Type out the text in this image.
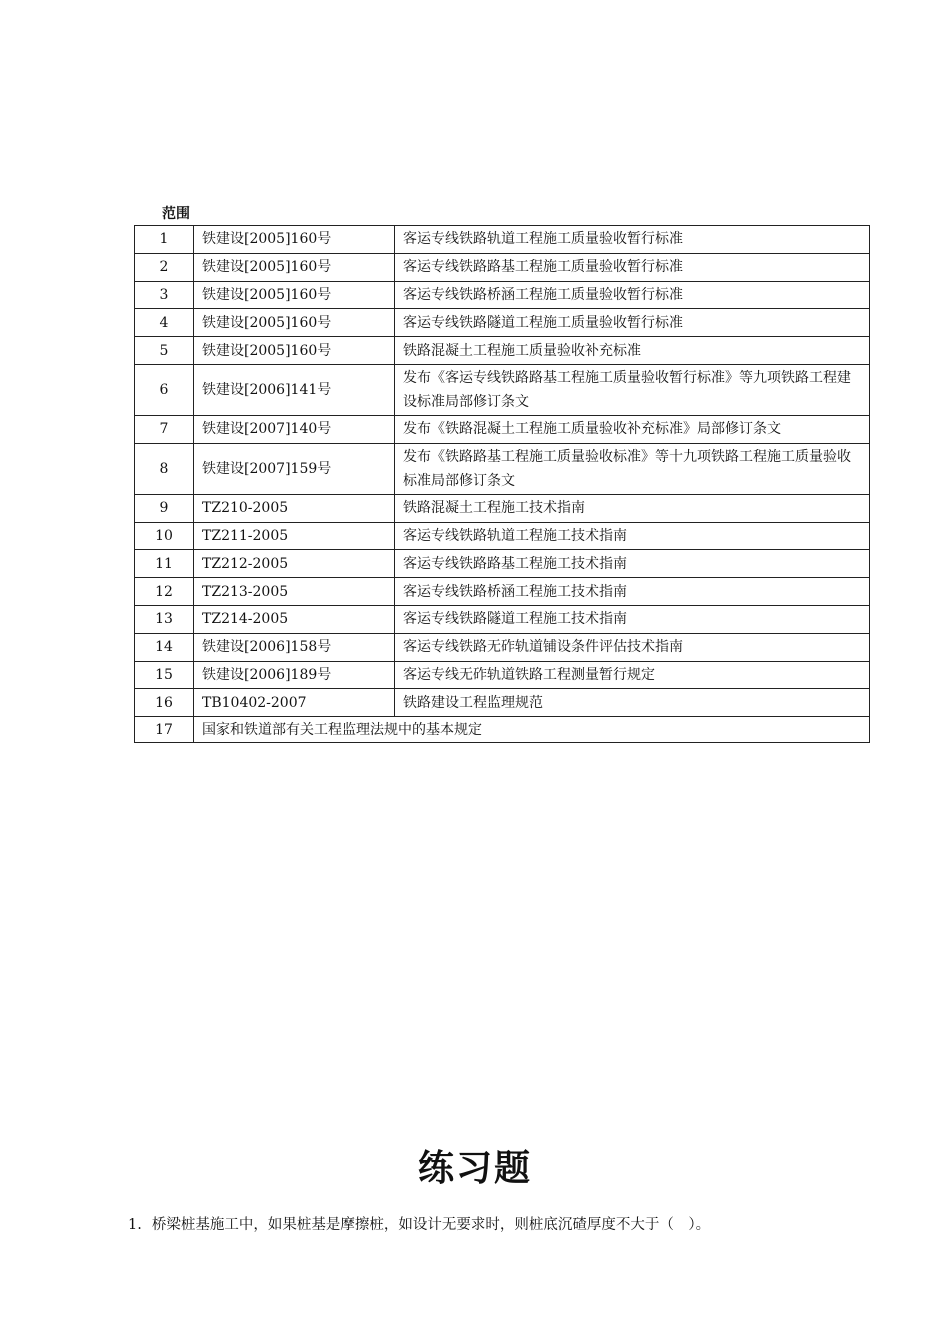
范围
1	铁建设[2005]160号	客运专线铁路轨道工程施工质量验收暂行标准
2	铁建设[2005]160号	客运专线铁路路基工程施工质量验收暂行标准
3	铁建设[2005]160号	客运专线铁路桥涵工程施工质量验收暂行标准
4	铁建设[2005]160号	客运专线铁路隧道工程施工质量验收暂行标准
5	铁建设[2005]160号	铁路混凝土工程施工质量验收补充标准
6	铁建设[2006]141号	发布《客运专线铁路路基工程施工质量验收暂行标准》等九项铁路工程建设标准局部修订条文
7	铁建设[2007]140号	发布《铁路混凝土工程施工质量验收补充标准》局部修订条文
8	铁建设[2007]159号	发布《铁路路基工程施工质量验收标准》等十九项铁路工程施工质量验收标准局部修订条文
9	TZ210-2005	铁路混凝土工程施工技术指南
10	TZ211-2005	客运专线铁路轨道工程施工技术指南
11	TZ212-2005	客运专线铁路路基工程施工技术指南
12	TZ213-2005	客运专线铁路桥涵工程施工技术指南
13	TZ214-2005	客运专线铁路隧道工程施工技术指南
14	铁建设[2006]158号	客运专线铁路无砟轨道铺设条件评估技术指南
15	铁建设[2006]189号	客运专线无砟轨道铁路工程测量暂行规定
16	TB10402-2007	铁路建设工程监理规范
17	国家和铁道部有关工程监理法规中的基本规定	
练习题
1. 桥梁桩基施工中，如果桩基是摩擦桩，如设计无要求时，则桩底沉碴厚度不大于（　）。
